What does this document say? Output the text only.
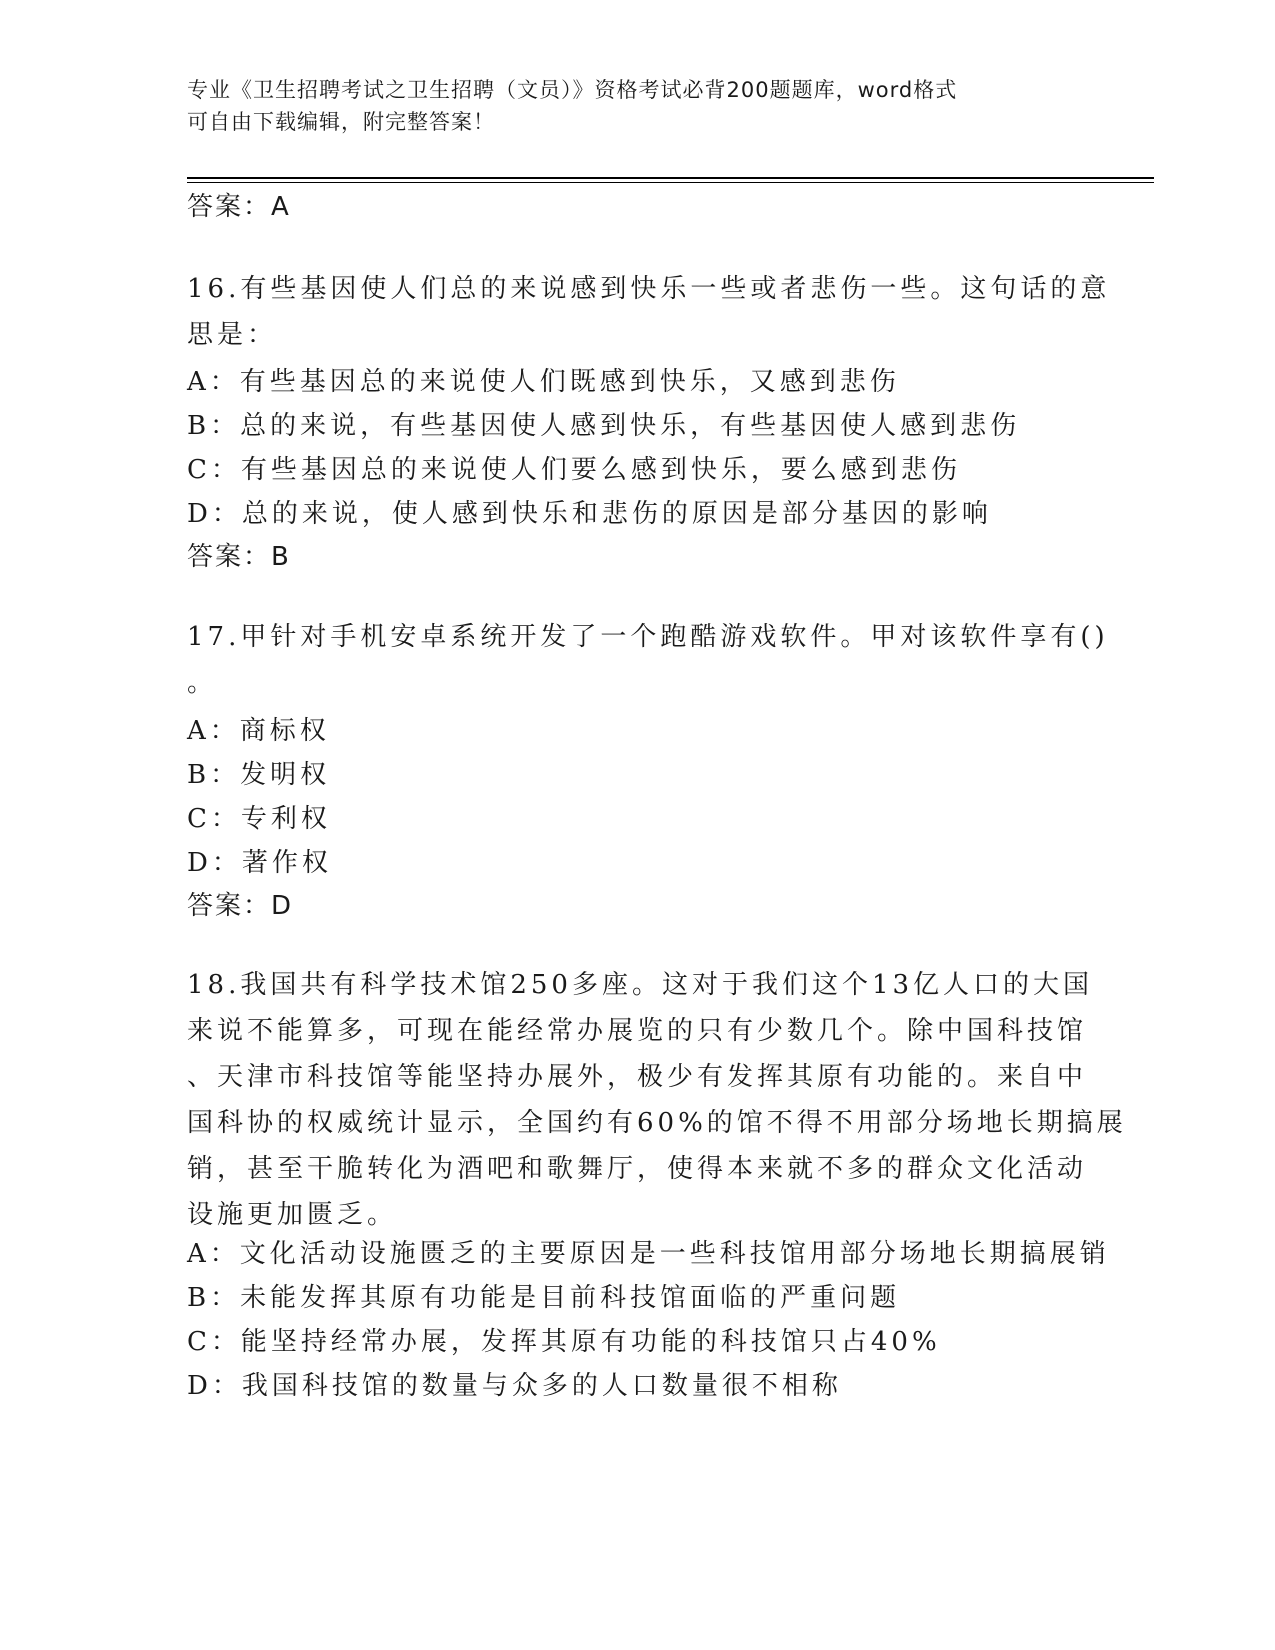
专业《卫生招聘考试之卫生招聘（文员）》资格考试必背200题题库，word格式
可自由下载编辑，附完整答案！
答案：A
16.有些基因使人们总的来说感到快乐一些或者悲伤一些。这句话的意
思是：
A：有些基因总的来说使人们既感到快乐，又感到悲伤
B：总的来说，有些基因使人感到快乐，有些基因使人感到悲伤
C：有些基因总的来说使人们要么感到快乐，要么感到悲伤
D：总的来说，使人感到快乐和悲伤的原因是部分基因的影响
答案：B
17.甲针对手机安卓系统开发了一个跑酷游戏软件。甲对该软件享有()
。
A：商标权
B：发明权
C：专利权
D：著作权
答案：D
18.我国共有科学技术馆250多座。这对于我们这个13亿人口的大国
来说不能算多，可现在能经常办展览的只有少数几个。除中国科技馆
、天津市科技馆等能坚持办展外，极少有发挥其原有功能的。来自中
国科协的权威统计显示，全国约有60%的馆不得不用部分场地长期搞展
销，甚至干脆转化为酒吧和歌舞厅，使得本来就不多的群众文化活动
设施更加匮乏。
A：文化活动设施匮乏的主要原因是一些科技馆用部分场地长期搞展销
B：未能发挥其原有功能是目前科技馆面临的严重问题
C：能坚持经常办展，发挥其原有功能的科技馆只占40%
D：我国科技馆的数量与众多的人口数量很不相称
